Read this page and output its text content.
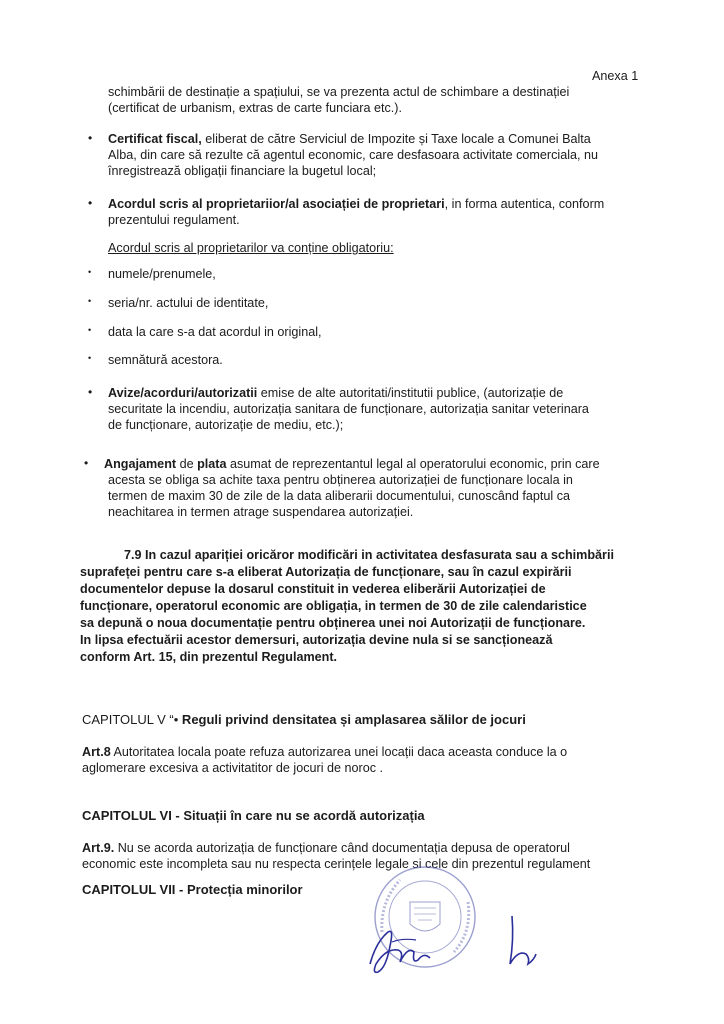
Anexa 1
schimbării de destinație a spațiului, se va prezenta actul de schimbare a destinației
(certificat de urbanism, extras de carte funciara etc.).
• Certificat fiscal, eliberat de către Serviciul de Impozite și Taxe locale a Comunei Balta
Alba, din care să rezulte că agentul economic, care desfasoara activitate comerciala, nu
înregistrează obligații financiare la bugetul local;
• Acordul scris al proprietariior/al asociației de proprietari, in forma autentica, conform
prezentului regulament.
Acordul scris al proprietarilor va conține obligatoriu:
• numele/prenumele,
• seria/nr. actului de identitate,
• data la care s-a dat acordul in original,
• semnătură acestora.
• Avize/acorduri/autorizatii emise de alte autoritati/institutii publice, (autorizație de
securitate la incendiu, autorizația sanitara de funcționare, autorizația sanitar veterinara
de funcționare, autorizație de mediu, etc.);
• Angajament de plata asumat de reprezentantul legal al operatorului economic, prin care
acesta se obliga sa achite taxa pentru obținerea autorizației de funcționare locala in
termen de maxim 30 de zile de la data aliberarii documentului, cunoscând faptul ca
neachitarea in termen atrage suspendarea autorizației.
7.9 In cazul apariției oricăror modificări in activitatea desfasurata sau a schimbării
suprafeței pentru care s-a eliberat Autorizația de funcționare, sau în cazul expirării
documentelor depuse la dosarul constituit in vederea eliberării Autorizației de
funcționare, operatorul economic are obligația, in termen de 30 de zile calendaristice
sa depună o noua documentație pentru obținerea unei noi Autorizații de funcționare.
In lipsa efectuării acestor demersuri, autorizația devine nula si se sancționează
conform Art. 15, din prezentul Regulament.
CAPITOLUL V “• Reguli privind densitatea și amplasarea sălilor de jocuri
Art.8 Autoritatea locala poate refuza autorizarea unei locații daca aceasta conduce la o
aglomerare excesiva a activitatitor de jocuri de noroc .
CAPITOLUL VI - Situații în care nu se acordă autorizația
Art.9. Nu se acorda autorizația de funcționare când documentația depusa de operatorul
economic este incompleta sau nu respecta cerințele legale si cele din prezentul regulament
CAPITOLUL VII - Protecția minorilor
